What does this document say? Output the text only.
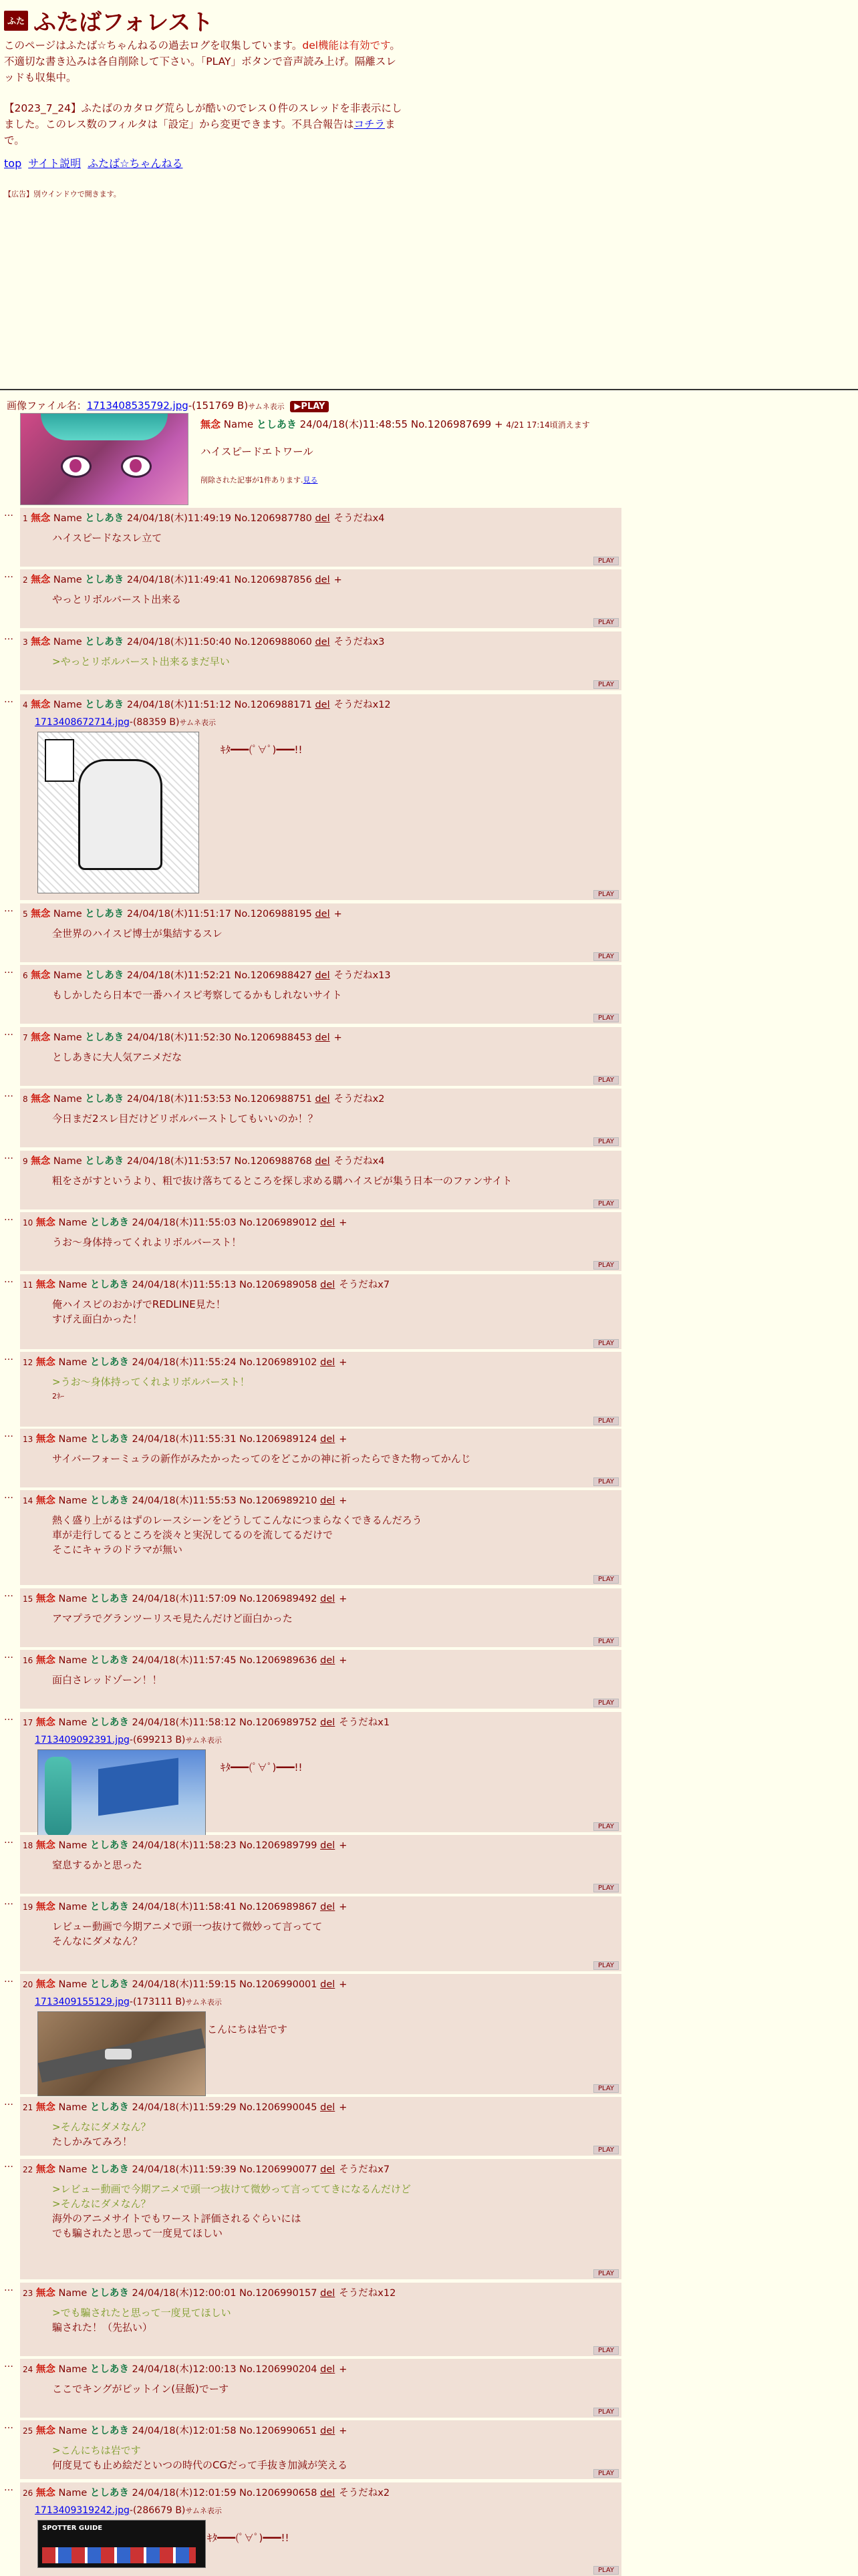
ふた ふたばフォレスト

このページはふたば☆ちゃんねるの過去ログを収集しています。del機能は有効です。不適切な書き込みは各自削除して下さい。「PLAY」ボタンで音声読み上げ。隔離スレッドも収集中。

【2023_7_24】ふたばのカタログ荒らしが酷いのでレス０件のスレッドを非表示にしました。このレス数のフィルタは「設定」から変更できます。不具合報告はコチラまで。

top サイト説明 ふたば☆ちゃんねる
【広告】別ウインドウで開きます。
画像ファイル名：1713408535792.jpg-(151769 B)サムネ表示 ▶PLAY
無念 Name としあき 24/04/18(木)11:48:55 No.1206987699 + 4/21 17:14頃消えます
ハイスピードエトワール
削除された記事が1件あります.見る
… 1 無念 Name としあき 24/04/18(木)11:49:19 No.1206987780 del そうだねx4
ハイスピードなスレ立て
PLAY
… 2 無念 Name としあき 24/04/18(木)11:49:41 No.1206987856 del +
やっとリボルバースト出来る
PLAY
… 3 無念 Name としあき 24/04/18(木)11:50:40 No.1206988060 del そうだねx3
>やっとリボルバースト出来るまだ早い
PLAY
… 4 無念 Name としあき 24/04/18(木)11:51:12 No.1206988171 del そうだねx12
1713408672714.jpg-(88359 B)サムネ表示
ｷﾀ━━━(ﾟ∀ﾟ)━━━!!
PLAY
… 5 無念 Name としあき 24/04/18(木)11:51:17 No.1206988195 del +
全世界のハイスピ博士が集結するスレ
PLAY
… 6 無念 Name としあき 24/04/18(木)11:52:21 No.1206988427 del そうだねx13
もしかしたら日本で一番ハイスピ考察してるかもしれないサイト
PLAY
… 7 無念 Name としあき 24/04/18(木)11:52:30 No.1206988453 del +
としあきに大人気アニメだな
PLAY
… 8 無念 Name としあき 24/04/18(木)11:53:53 No.1206988751 del そうだねx2
今日まだ2スレ目だけどリボルバーストしてもいいのか！？
PLAY
… 9 無念 Name としあき 24/04/18(木)11:53:57 No.1206988768 del そうだねx4
粗をさがすというより、粗で抜け落ちてるところを探し求める購ハイスピが集う日本一のファンサイト
PLAY
… 10 無念 Name としあき 24/04/18(木)11:55:03 No.1206989012 del +
うお～身体持ってくれよリボルバースト！
PLAY
… 11 無念 Name としあき 24/04/18(木)11:55:13 No.1206989058 del そうだねx7
俺ハイスピのおかげでREDLINE見た！
すげえ面白かった！
PLAY
… 12 無念 Name としあき 24/04/18(木)11:55:24 No.1206989102 del +
>うお～身体持ってくれよリボルバースト！
2ﾈｰ
PLAY
… 13 無念 Name としあき 24/04/18(木)11:55:31 No.1206989124 del +
サイバーフォーミュラの新作がみたかったってのをどこかの神に祈ったらできた物ってかんじ
PLAY
… 14 無念 Name としあき 24/04/18(木)11:55:53 No.1206989210 del +
熱く盛り上がるはずのレースシーンをどうしてこんなにつまらなくできるんだろう
車が走行してるところを淡々と実況してるのを流してるだけで
そこにキャラのドラマが無い
PLAY
… 15 無念 Name としあき 24/04/18(木)11:57:09 No.1206989492 del +
アマプラでグランツーリスモ見たんだけど面白かった
PLAY
… 16 無念 Name としあき 24/04/18(木)11:57:45 No.1206989636 del +
面白さレッドゾーン！！
PLAY
… 17 無念 Name としあき 24/04/18(木)11:58:12 No.1206989752 del そうだねx1
1713409092391.jpg-(699213 B)サムネ表示
ｷﾀ━━━(ﾟ∀ﾟ)━━━!!
PLAY
… 18 無念 Name としあき 24/04/18(木)11:58:23 No.1206989799 del +
窒息するかと思った
PLAY
… 19 無念 Name としあき 24/04/18(木)11:58:41 No.1206989867 del +
レビュー動画で今期アニメで頭一つ抜けて微妙って言ってて
そんなにダメなん？
PLAY
… 20 無念 Name としあき 24/04/18(木)11:59:15 No.1206990001 del +
1713409155129.jpg-(173111 B)サムネ表示
こんにちは岩です
PLAY
… 21 無念 Name としあき 24/04/18(木)11:59:29 No.1206990045 del +
>そんなにダメなん？
たしかみてみろ！
PLAY
… 22 無念 Name としあき 24/04/18(木)11:59:39 No.1206990077 del そうだねx7
>レビュー動画で今期アニメで頭一つ抜けて微妙って言っててきになるんだけど
>そんなにダメなん？
海外のアニメサイトでもワースト評価されるぐらいには
でも騙されたと思って一度見てほしい
PLAY
… 23 無念 Name としあき 24/04/18(木)12:00:01 No.1206990157 del そうだねx12
>でも騙されたと思って一度見てほしい
騙された！（先払い）
PLAY
… 24 無念 Name としあき 24/04/18(木)12:00:13 No.1206990204 del +
ここでキングがピットイン(昼飯)でーす
PLAY
… 25 無念 Name としあき 24/04/18(木)12:01:58 No.1206990651 del +
>こんにちは岩です
何度見ても止め絵だといつの時代のCGだって手抜き加減が笑える
PLAY
… 26 無念 Name としあき 24/04/18(木)12:01:59 No.1206990658 del そうだねx2
1713409319242.jpg-(286679 B)サムネ表示
SPOTTER GUIDE
ｷﾀ━━━(ﾟ∀ﾟ)━━━!!
PLAY
